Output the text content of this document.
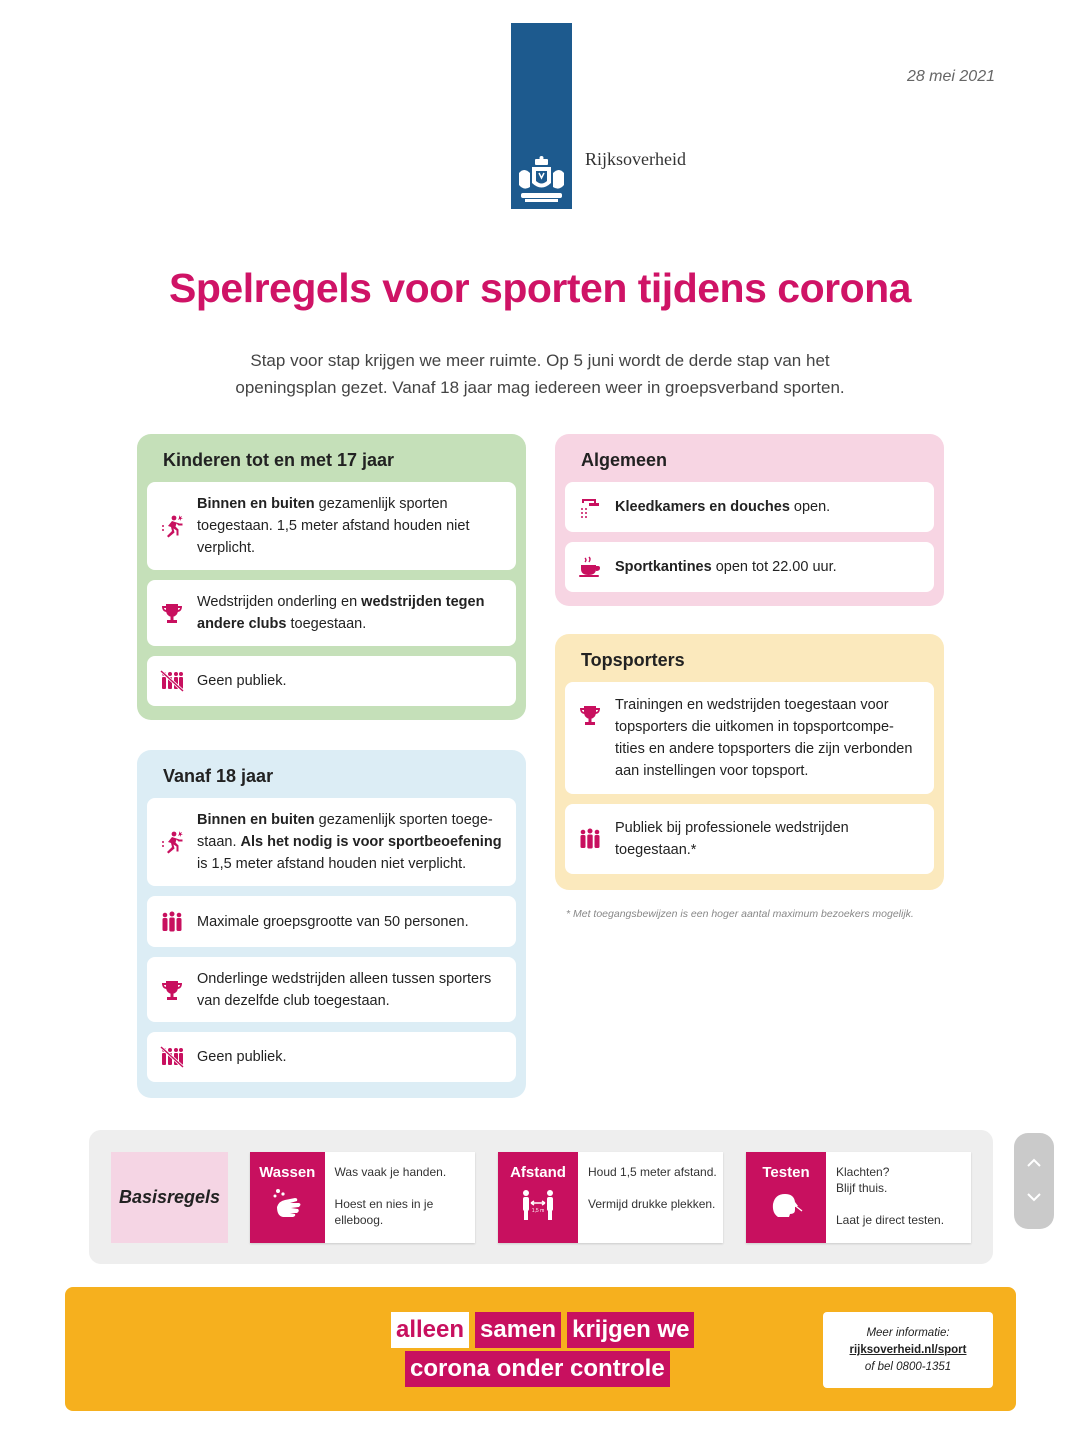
Rijksoverheid
28 mei 2021
Spelregels voor sporten tijdens corona
Stap voor stap krijgen we meer ruimte. Op 5 juni wordt de derde stap van het
openingsplan gezet. Vanaf 18 jaar mag iedereen weer in groepsverband sporten.
Kinderen tot en met 17 jaar
Binnen en buiten gezamenlijk sporten toegestaan. 1,5 meter afstand houden niet verplicht.
Wedstrijden onderling en wedstrijden tegen andere clubs toegestaan.
Geen publiek.
Vanaf 18 jaar
Binnen en buiten gezamenlijk sporten toege-staan. Als het nodig is voor sportbeoefening is 1,5 meter afstand houden niet verplicht.
Maximale groepsgrootte van 50 personen.
Onderlinge wedstrijden alleen tussen sporters van dezelfde club toegestaan.
Geen publiek.
Algemeen
Kleedkamers en douches open.
Sportkantines open tot 22.00 uur.
Topsporters
Trainingen en wedstrijden toegestaan voor topsporters die uitkomen in topsportcompe-tities en andere topsporters die zijn verbonden aan instellingen voor topsport.
Publiek bij professionele wedstrijden toegestaan.*
* Met toegangsbewijzen is een hoger aantal maximum bezoekers mogelijk.
Basisregels
Wassen Was vaak je handen.

Hoest en nies in je elleboog.

Afstand
1,5 m

Houd 1,5 meter afstand.

Vermijd drukke plekken.

Testen Klachten? Blijf thuis.

Laat je direct testen.

alleen samen krijgen we
corona onder controle
Meer informatie:
rijksoverheid.nl/sport
of bel 0800-1351
